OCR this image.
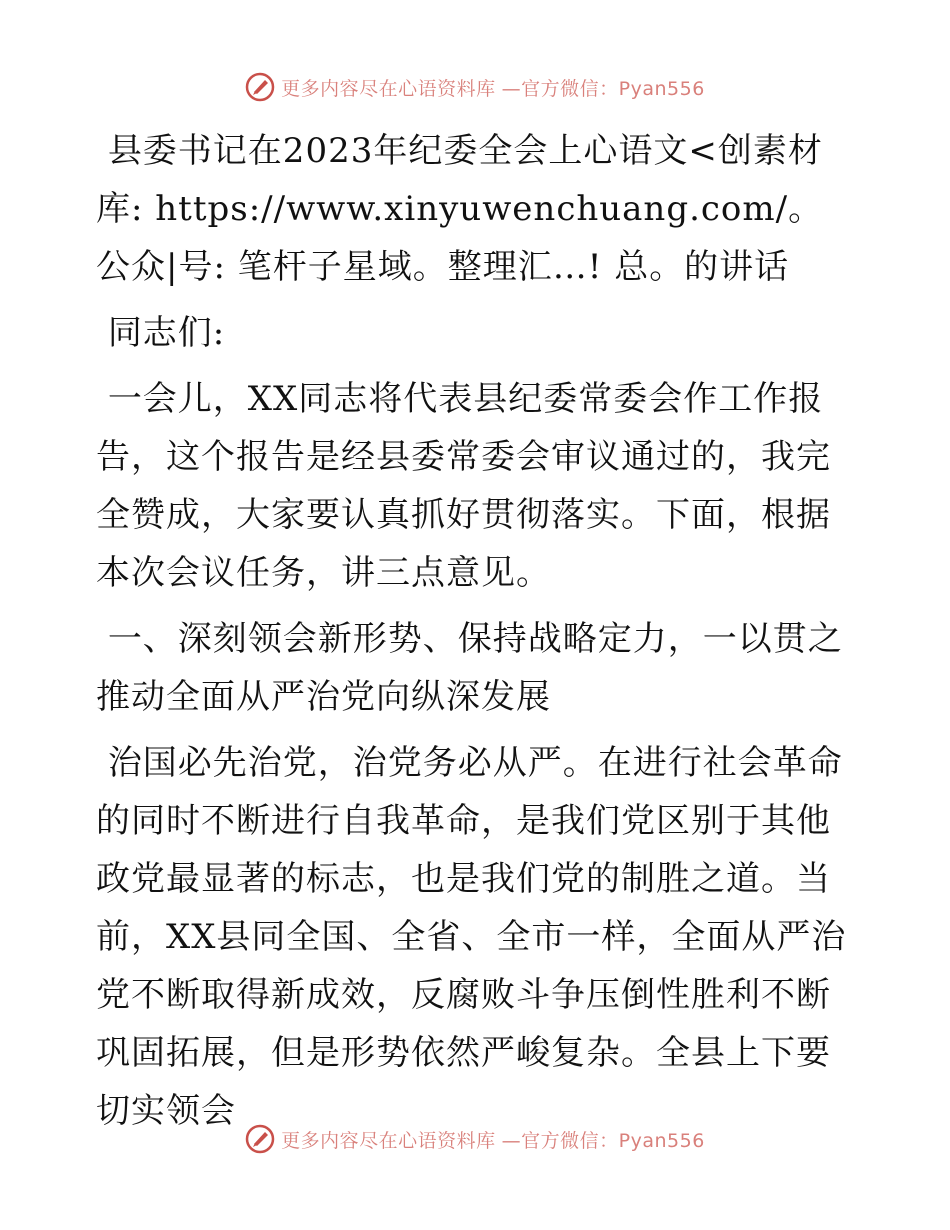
更多内容尽在心语资料库 —官方微信：Pyan556

县委书记在2023年纪委全会上心语文<创素材库: https://www.xinyuwenchuang.com/。公众|号: 笔杆子星域。整理汇…! 总。的讲话

同志们:

一会儿，XX同志将代表县纪委常委会作工作报告，这个报告是经县委常委会审议通过的，我完全赞成，大家要认真抓好贯彻落实。下面，根据本次会议任务，讲三点意见。

一、深刻领会新形势、保持战略定力，一以贯之推动全面从严治党向纵深发展

治国必先治党，治党务必从严。在进行社会革命的同时不断进行自我革命，是我们党区别于其他政党最显著的标志，也是我们党的制胜之道。当前，XX县同全国、全省、全市一样，全面从严治党不断取得新成效，反腐败斗争压倒性胜利不断巩固拓展，但是形势依然严峻复杂。全县上下要切实领会

更多内容尽在心语资料库 —官方微信：Pyan556
